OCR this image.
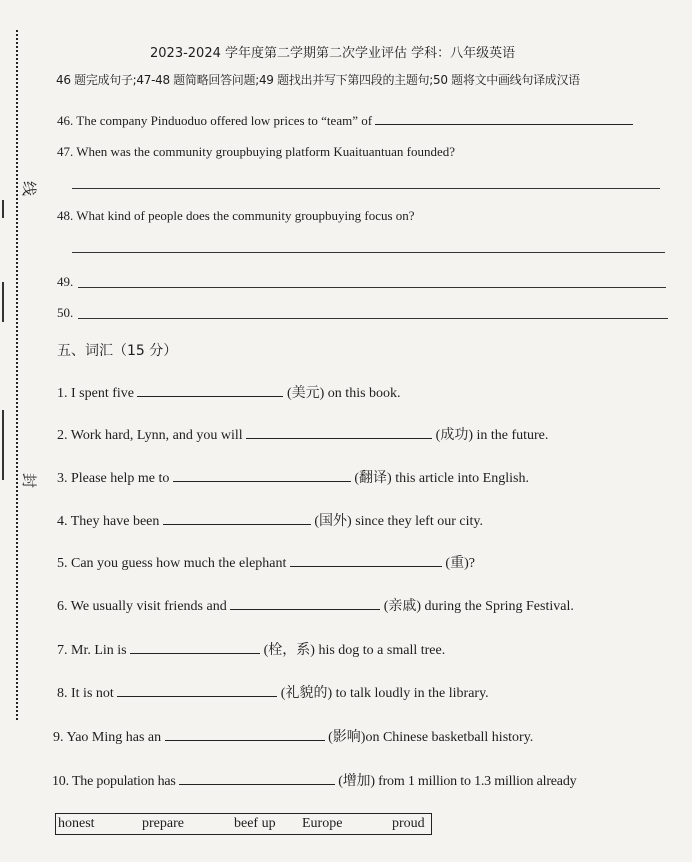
线
封
2023-2024 学年度第二学期第二次学业评估 学科：八年级英语
46 题完成句子;47-48 题简略回答问题;49 题找出并写下第四段的主题句;50 题将文中画线句译成汉语
46. The company Pinduoduo offered low prices to “team” of
47. When was the community groupbuying platform Kuaituantuan founded?
48. What kind of people does the community groupbuying focus on?
49.
50.
五、词汇（15 分）
1. I spent five	(美元) on this book.
2. Work hard, Lynn, and you will	(成功) in the future.
3. Please help me to	(翻译) this article into English.
4. They have been	(国外) since they left our city.
5. Can you guess how much the elephant	(重)?
6. We usually visit friends and	(亲戚) during the Spring Festival.
7. Mr. Lin is	(栓，系) his dog to a small tree.
8. It is not	(礼貌的) to talk loudly in the library.
9. Yao Ming has an	(影响)on Chinese basketball history.
10. The population has	(增加) from 1 million to 1.3 million already
honest	prepare	beef up	Europe	proud
